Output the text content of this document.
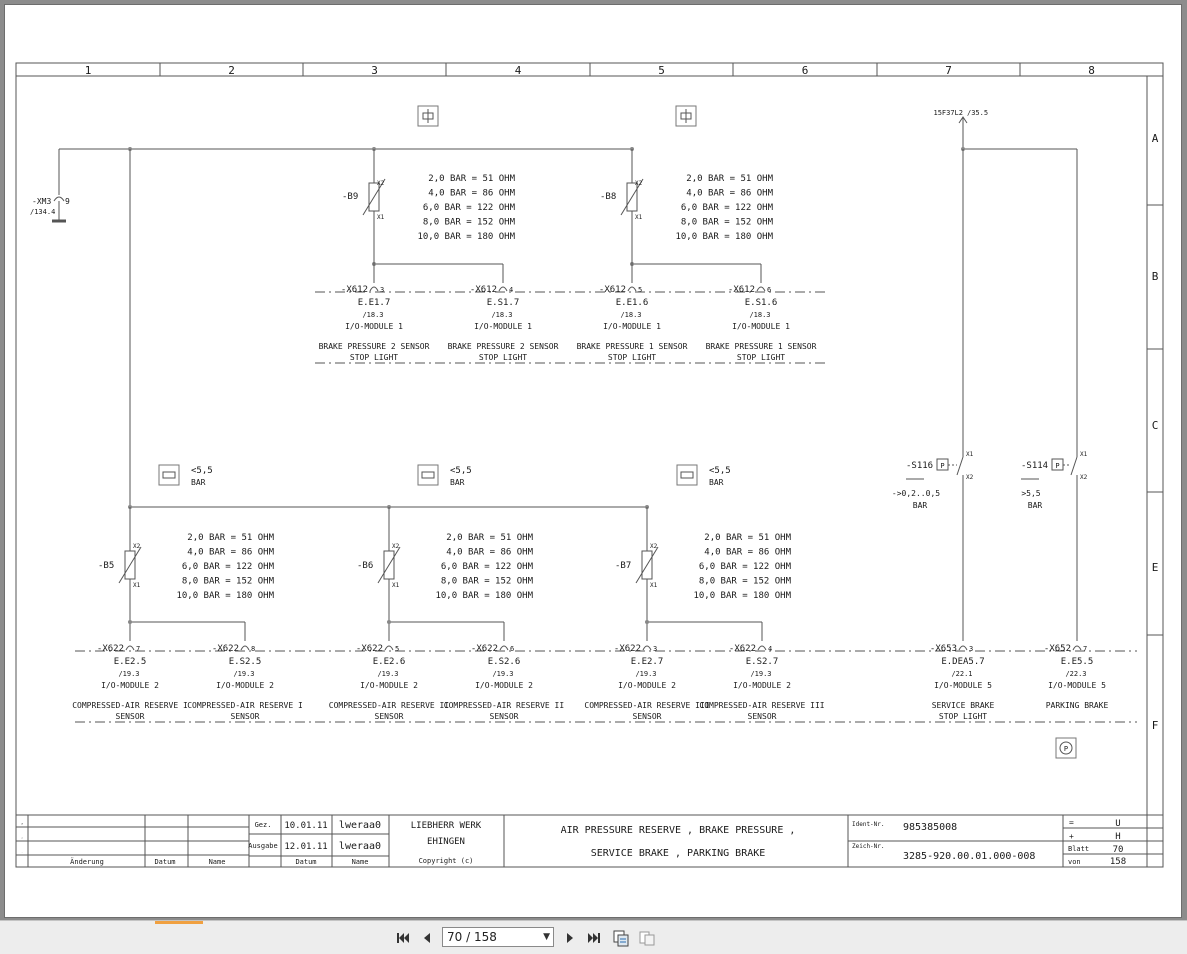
1	2	3	4	5	6	7	8
A
B
C
E
F
-XM3 9
/134.4
X2
X1
-B9
X2
X1
-B8
2,0 BAR = 51 OHM
4,0 BAR = 86 OHM
6,0 BAR = 122 OHM
8,0 BAR = 152 OHM
10,0 BAR = 180 OHM
2,0 BAR = 51 OHM
4,0 BAR = 86 OHM
6,0 BAR = 122 OHM
8,0 BAR = 152 OHM
10,0 BAR = 180 OHM
-X612 3
E.E1.7
/18.3
I/O-MODULE 1
BRAKE PRESSURE 2 SENSOR
STOP LIGHT
-X612 4
E.S1.7
/18.3
I/O-MODULE 1
BRAKE PRESSURE 2 SENSOR
STOP LIGHT
-X612 5
E.E1.6
/18.3
I/O-MODULE 1
BRAKE PRESSURE 1 SENSOR
STOP LIGHT
-X612 6
E.S1.6
/18.3
I/O-MODULE 1
BRAKE PRESSURE 1 SENSOR
STOP LIGHT
X2
X1
-B5
X2
X1
-B6
X2
X1
-B7
2,0 BAR = 51 OHM
4,0 BAR = 86 OHM
6,0 BAR = 122 OHM
8,0 BAR = 152 OHM
10,0 BAR = 180 OHM
2,0 BAR = 51 OHM
4,0 BAR = 86 OHM
6,0 BAR = 122 OHM
8,0 BAR = 152 OHM
10,0 BAR = 180 OHM
2,0 BAR = 51 OHM
4,0 BAR = 86 OHM
6,0 BAR = 122 OHM
8,0 BAR = 152 OHM
10,0 BAR = 180 OHM
<5,5
BAR
<5,5
BAR
<5,5
BAR
-X622 7
E.E2.5
/19.3
I/O-MODULE 2
COMPRESSED-AIR RESERVE I
SENSOR
-X622 8
E.S2.5
/19.3
I/O-MODULE 2
COMPRESSED-AIR RESERVE I
SENSOR
-X622 5
E.E2.6
/19.3
I/O-MODULE 2
COMPRESSED-AIR RESERVE II
SENSOR
-X622 6
E.S2.6
/19.3
I/O-MODULE 2
COMPRESSED-AIR RESERVE II
SENSOR
-X622 3
E.E2.7
/19.3
I/O-MODULE 2
COMPRESSED-AIR RESERVE III
SENSOR
-X622 4
E.S2.7
/19.3
I/O-MODULE 2
COMPRESSED-AIR RESERVE III
SENSOR
15F37L2 /35.5
X1
X2
-S116 P
->0,2..0,5
BAR
X1
X2
-S114 P
>5,5
BAR
-X653 3
E.DEA5.7
/22.1
I/O-MODULE 5
SERVICE BRAKE
STOP LIGHT
-X652 7
E.E5.5
/22.3
I/O-MODULE 5
PARKING BRAKE
P
7
7
7
Änderung	Datum	Name
Gez. 10.01.11 lweraa0
Ausgabe 12.01.11 lweraa0
Datum	Name
LIEBHERR WERK
EHINGEN
Copyright (c)
AIR PRESSURE RESERVE , BRAKE PRESSURE ,
SERVICE BRAKE , PARKING BRAKE
Ident-Nr. 985385008
Zeich-Nr.
3285-920.00.01.000-008
=	U
+	H
Blatt	70
von	158
70 / 158	▼
